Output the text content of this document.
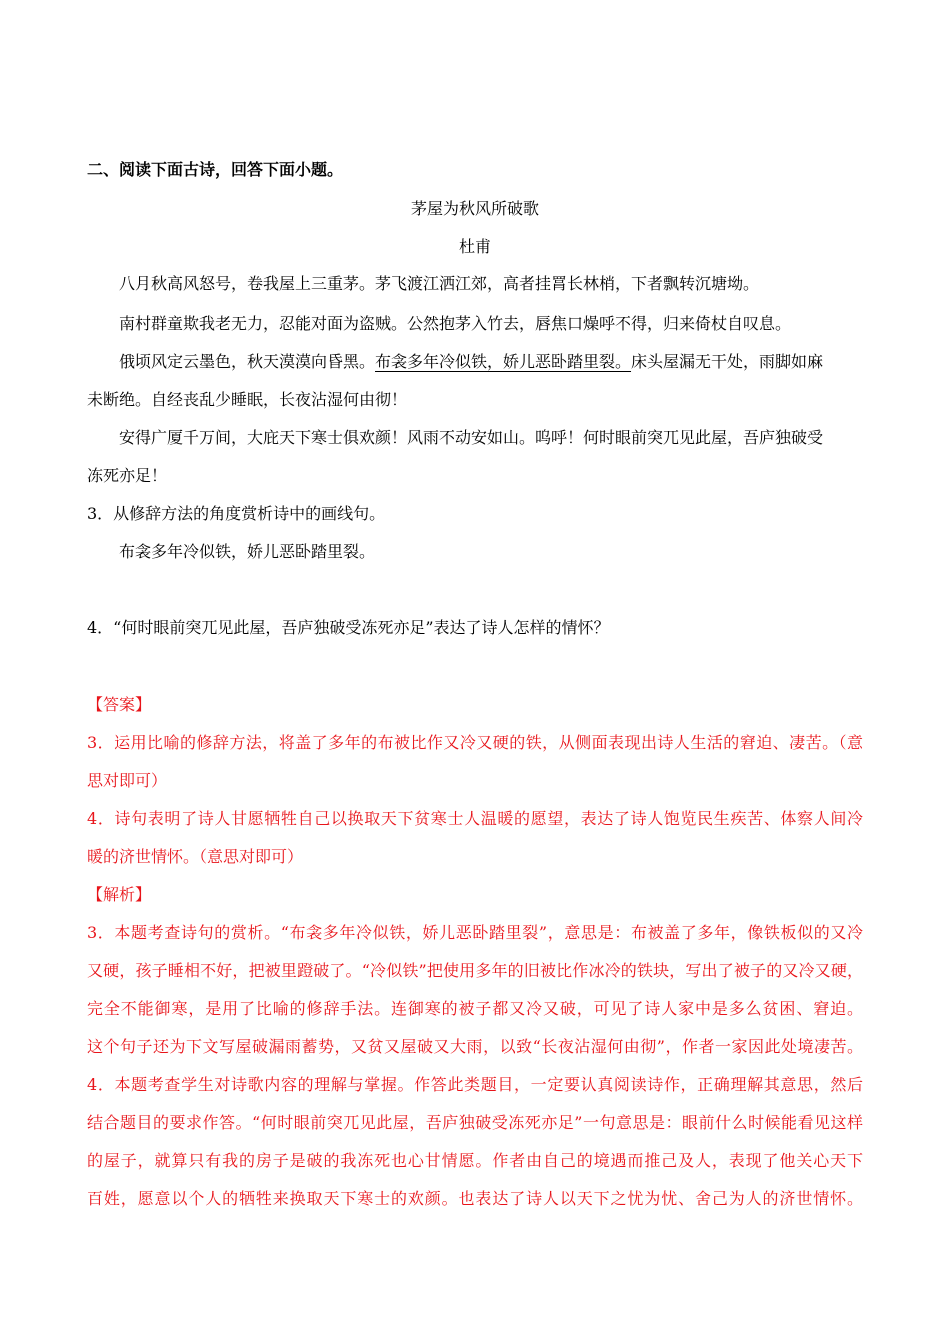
二、阅读下面古诗，回答下面小题。
茅屋为秋风所破歌
杜甫
八月秋高风怒号，卷我屋上三重茅。茅飞渡江洒江郊，高者挂罥长林梢，下者飘转沉塘坳。
南村群童欺我老无力，忍能对面为盗贼。公然抱茅入竹去，唇焦口燥呼不得，归来倚杖自叹息。
俄顷风定云墨色，秋天漠漠向昏黑。布衾多年冷似铁，娇儿恶卧踏里裂。床头屋漏无干处，雨脚如麻
未断绝。自经丧乱少睡眠，长夜沾湿何由彻！
安得广厦千万间，大庇天下寒士俱欢颜！风雨不动安如山。呜呼！何时眼前突兀见此屋，吾庐独破受
冻死亦足！
3．从修辞方法的角度赏析诗中的画线句。
布衾多年冷似铁，娇儿恶卧踏里裂。
4．“何时眼前突兀见此屋，吾庐独破受冻死亦足”表达了诗人怎样的情怀？
【答案】
3．运用比喻的修辞方法，将盖了多年的布被比作又冷又硬的铁，从侧面表现出诗人生活的窘迫、凄苦。（意
思对即可）
4．诗句表明了诗人甘愿牺牲自己以换取天下贫寒士人温暖的愿望，表达了诗人饱览民生疾苦、体察人间冷
暖的济世情怀。（意思对即可）
【解析】
3．本题考查诗句的赏析。“布衾多年冷似铁，娇儿恶卧踏里裂”，意思是：布被盖了多年，像铁板似的又冷
又硬，孩子睡相不好，把被里蹬破了。“冷似铁”把使用多年的旧被比作冰冷的铁块，写出了被子的又冷又硬，
完全不能御寒，是用了比喻的修辞手法。连御寒的被子都又冷又破，可见了诗人家中是多么贫困、窘迫。
这个句子还为下文写屋破漏雨蓄势，又贫又屋破又大雨，以致“长夜沾湿何由彻”，作者一家因此处境凄苦。
4．本题考查学生对诗歌内容的理解与掌握。作答此类题目，一定要认真阅读诗作，正确理解其意思，然后
结合题目的要求作答。“何时眼前突兀见此屋，吾庐独破受冻死亦足”一句意思是：眼前什么时候能看见这样
的屋子，就算只有我的房子是破的我冻死也心甘情愿。作者由自己的境遇而推己及人，表现了他关心天下
百姓，愿意以个人的牺牲来换取天下寒士的欢颜。也表达了诗人以天下之忧为忧、舍己为人的济世情怀。
